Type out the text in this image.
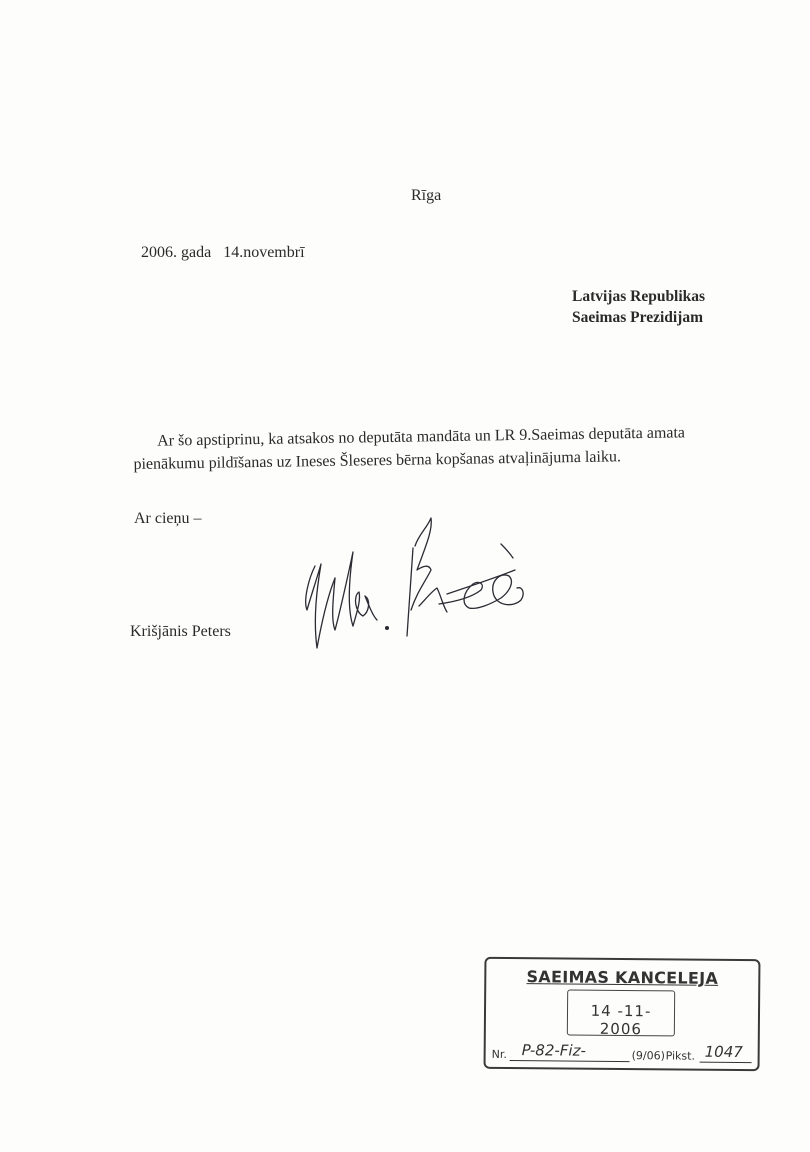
Rīga
2006. gada   14.novembrī
Latvijas Republikas
Saeimas Prezidijam
Ar šo apstiprinu, ka atsakos no deputāta mandāta un LR 9.Saeimas deputāta amata
pienākumu pildīšanas uz Ineses Šleseres bērna kopšanas atvaļinājuma laiku.
Ar cieņu –
Krišjānis Peters
SAEIMAS KANCELEJA
14 -11- 2006
Nr. P-82-Fiz-	(9/06) Pikst. 1047
